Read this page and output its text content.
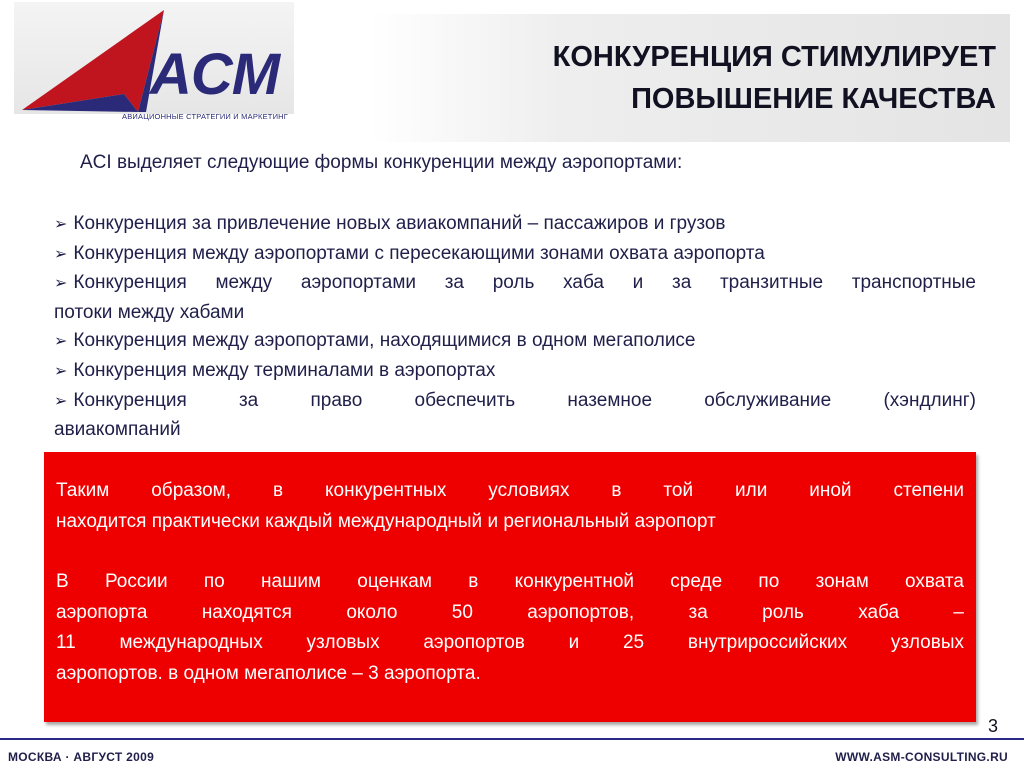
ACM
АВИАЦИОННЫЕ СТРАТЕГИИ И МАРКЕТИНГ
КОНКУРЕНЦИЯ СТИМУЛИРУЕТ
ПОВЫШЕНИЕ КАЧЕСТВА
ACI выделяет следующие формы конкуренции между аэропортами:
➢ Конкуренция за привлечение новых авиакомпаний – пассажиров и грузов
➢ Конкуренция между аэропортами с пересекающими зонами охвата аэропорта
➢ Конкуренция между аэропортами за роль хаба и за транзитные транспортные
потоки между хабами
➢ Конкуренция между аэропортами, находящимися в одном мегаполисе
➢ Конкуренция между терминалами в аэропортах
➢ Конкуренция за право обеспечить наземное обслуживание (хэндлинг)
авиакомпаний

Таким образом, в конкурентных условиях в той или иной степени
находится практически каждый международный и региональный аэропорт

В России по нашим оценкам в конкурентной среде по зонам охвата
аэропорта находятся около 50 аэропортов, за роль хаба –
11 международных узловых аэропортов и 25 внутрироссийских узловых
аэропортов. в одном мегаполисе – 3 аэропорта.

3
МОСКВА · АВГУСТ 2009	WWW.ASM-CONSULTING.RU
